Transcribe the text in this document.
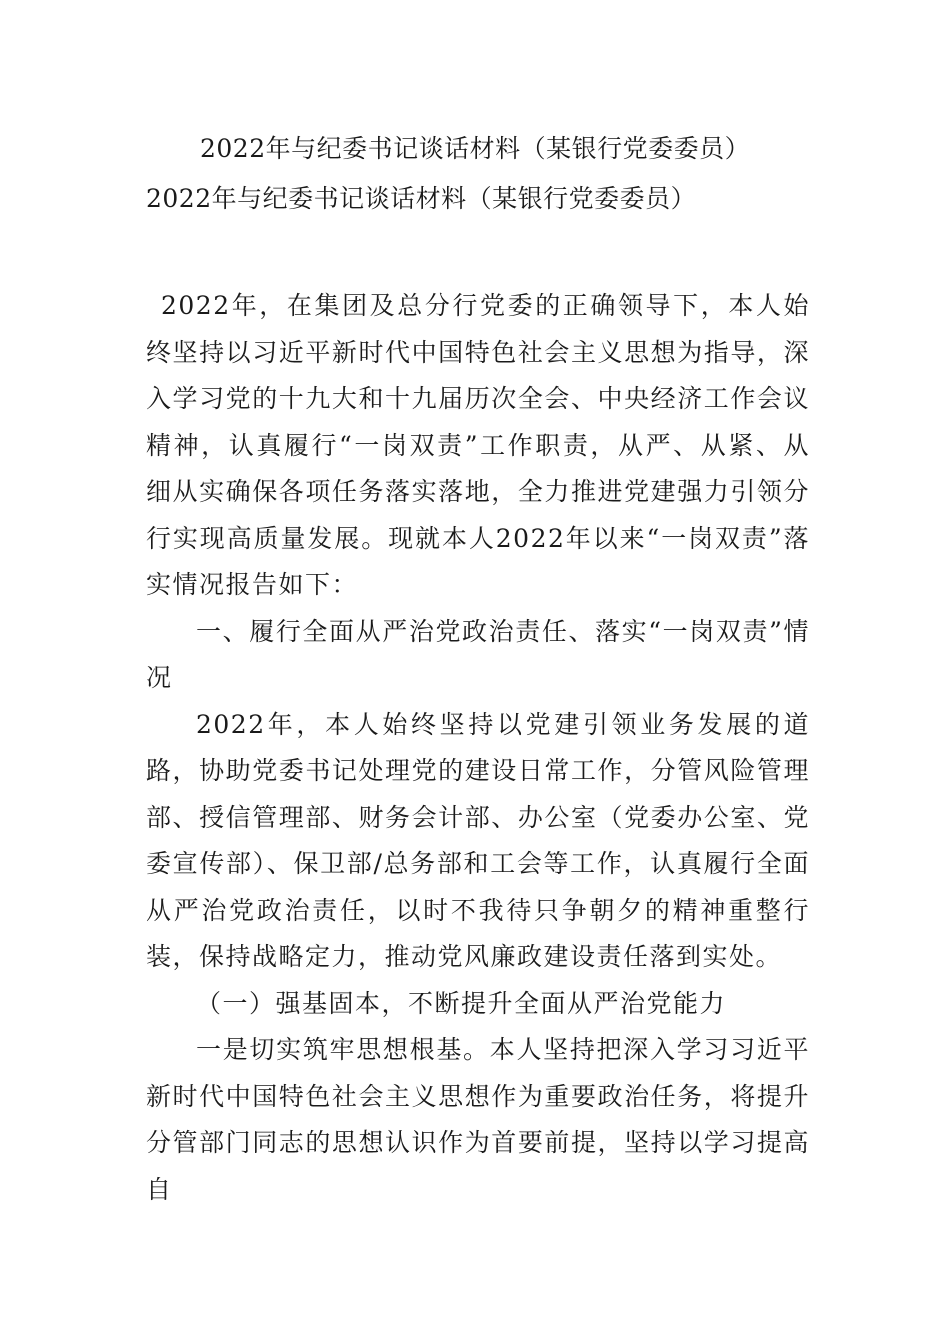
2022年与纪委书记谈话材料（某银行党委委员）
2022年与纪委书记谈话材料（某银行党委委员）

2022年，在集团及总分行党委的正确领导下，本人始终坚持以习近平新时代中国特色社会主义思想为指导，深入学习党的十九大和十九届历次全会、中央经济工作会议精神，认真履行“一岗双责”工作职责，从严、从紧、从细从实确保各项任务落实落地，全力推进党建强力引领分行实现高质量发展。现就本人2022年以来“一岗双责”落实情况报告如下：

一、履行全面从严治党政治责任、落实“一岗双责”情况

2022年，本人始终坚持以党建引领业务发展的道路，协助党委书记处理党的建设日常工作，分管风险管理部、授信管理部、财务会计部、办公室（党委办公室、党委宣传部）、保卫部/总务部和工会等工作，认真履行全面从严治党政治责任，以时不我待只争朝夕的精神重整行装，保持战略定力，推动党风廉政建设责任落到实处。

（一）强基固本，不断提升全面从严治党能力

一是切实筑牢思想根基。本人坚持把深入学习习近平新时代中国特色社会主义思想作为重要政治任务，将提升分管部门同志的思想认识作为首要前提，坚持以学习提高自
